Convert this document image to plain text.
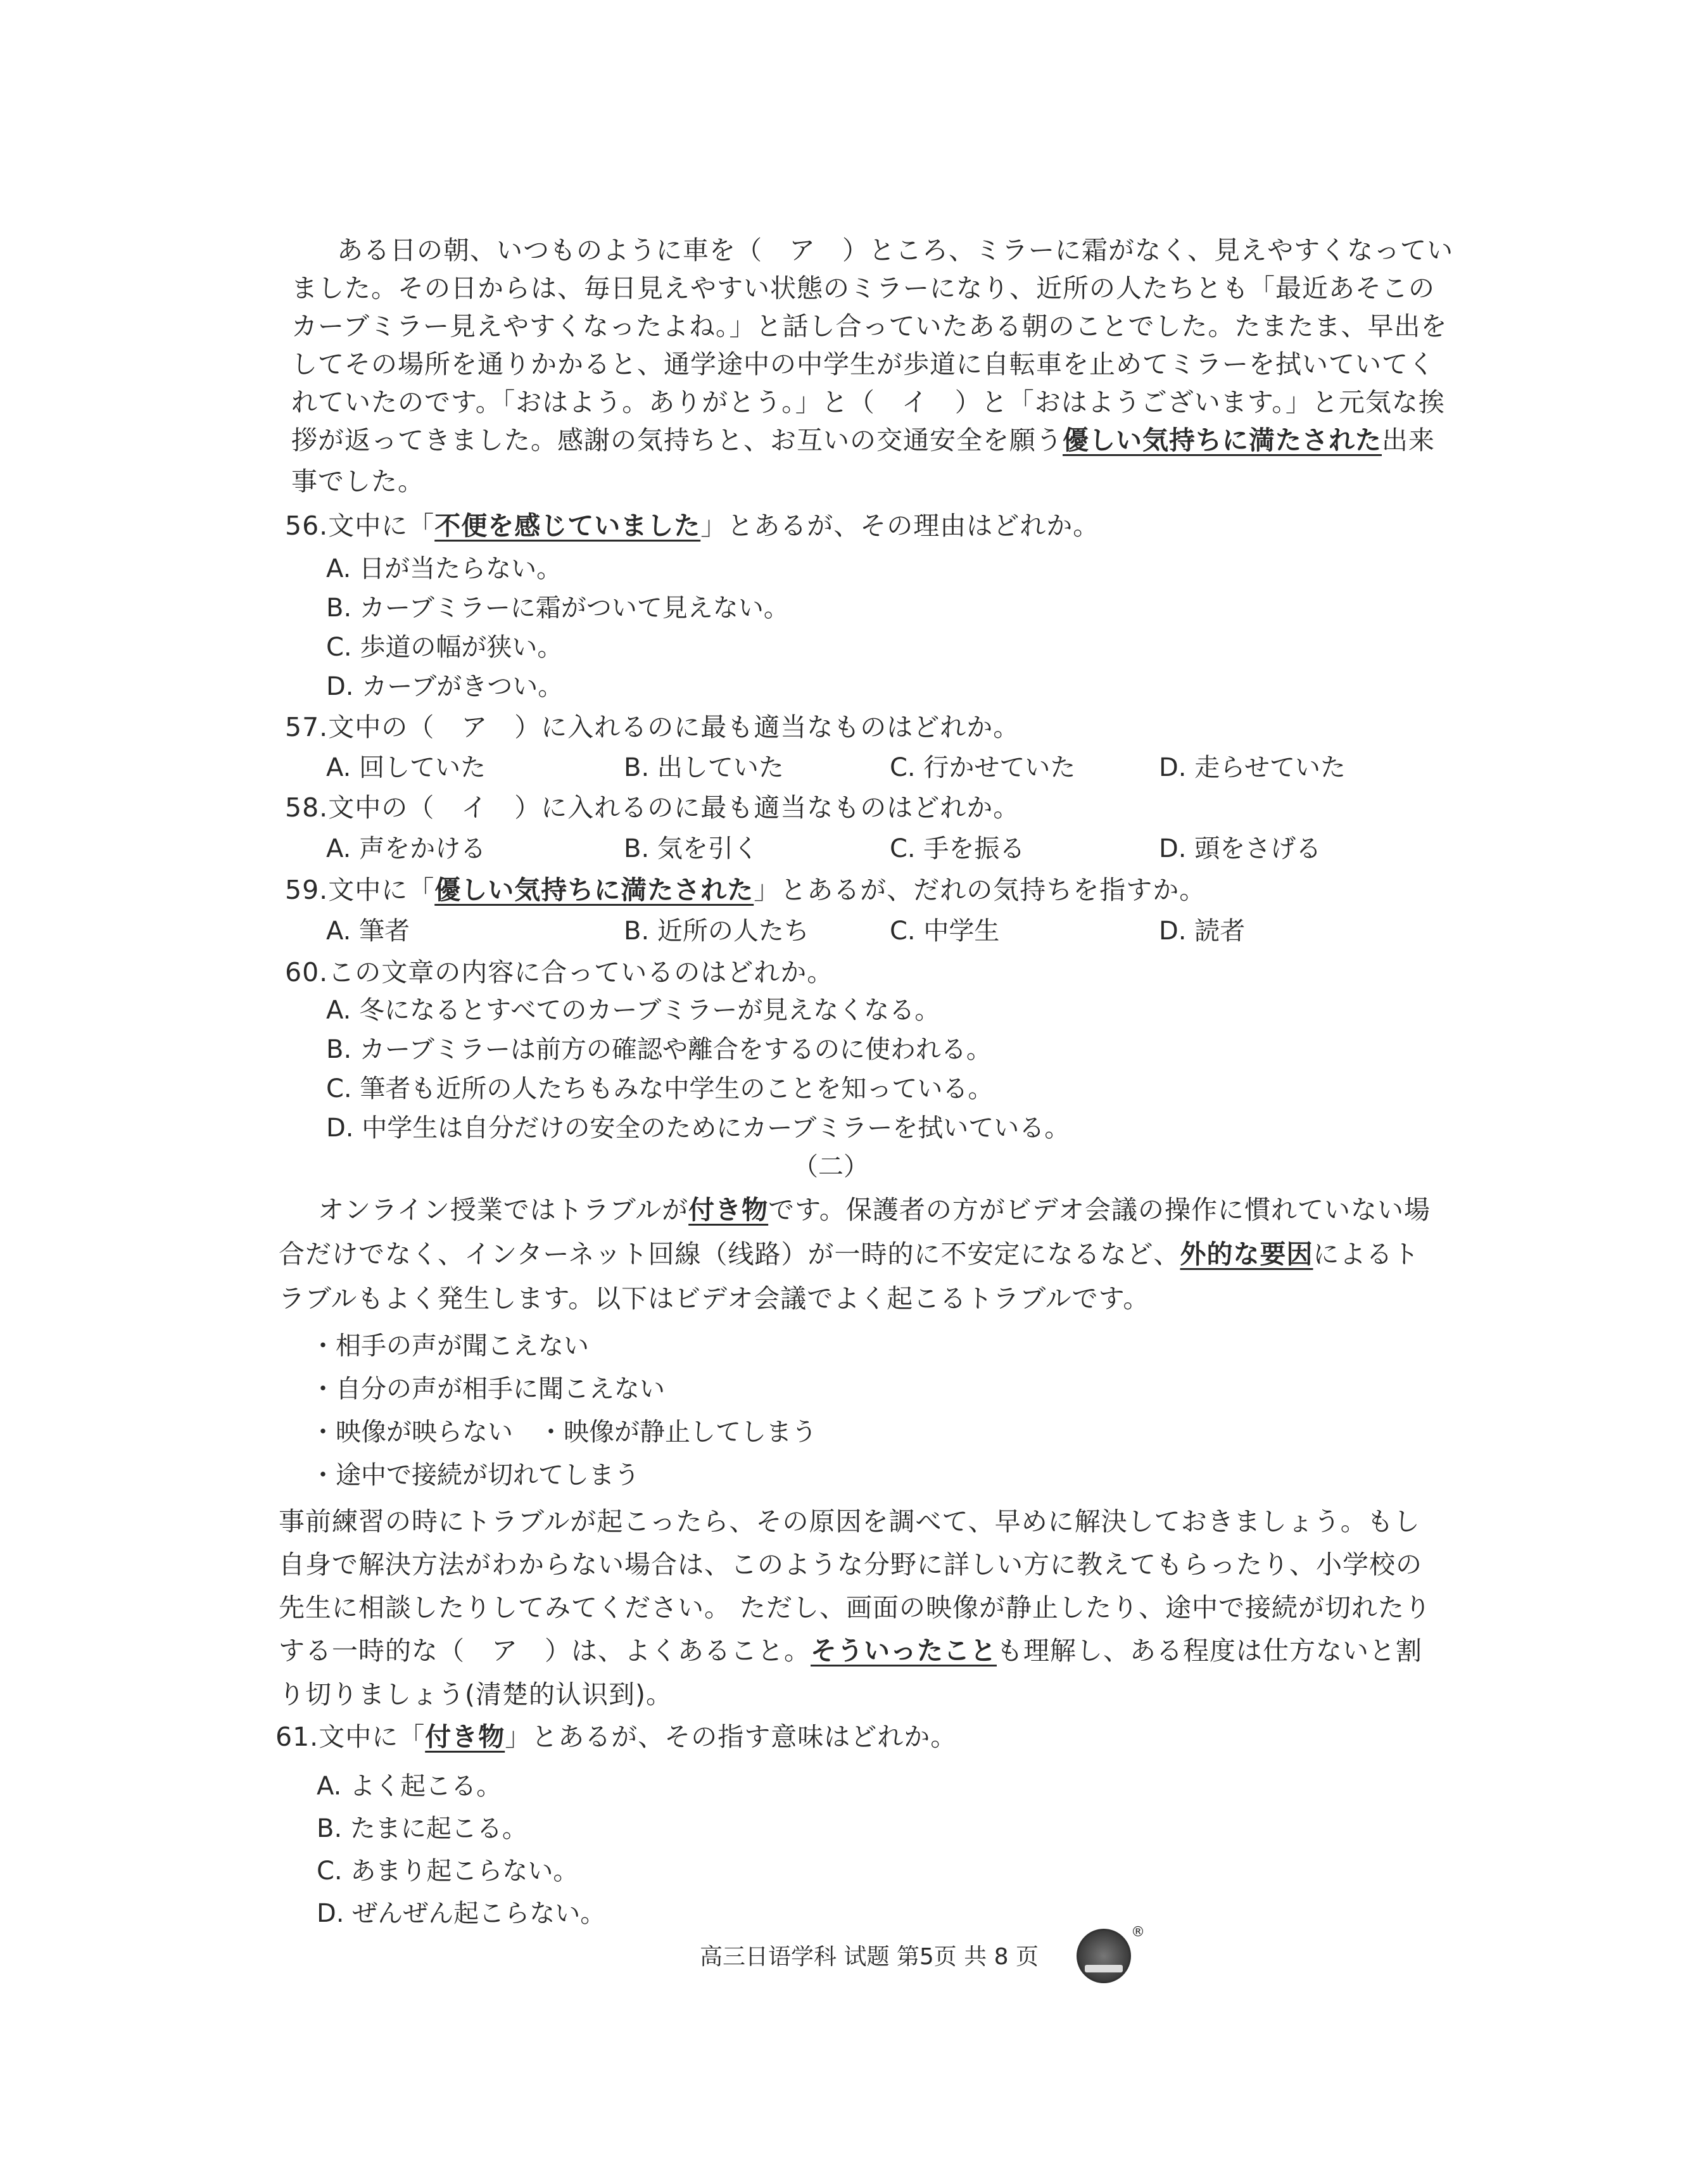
　ある日の朝、いつものように車を（　ア　）ところ、ミラーに霜がなく、見えやすくなってい
ました。その日からは、毎日見えやすい状態のミラーになり、近所の人たちとも「最近あそこの
カーブミラー見えやすくなったよね。」と話し合っていたある朝のことでした。たまたま、早出を
してその場所を通りかかると、通学途中の中学生が歩道に自転車を止めてミラーを拭いていてく
れていたのです。「おはよう。ありがとう。」と（　イ　）と「おはようございます。」と元気な挨
拶が返ってきました。感謝の気持ちと、お互いの交通安全を願う優しい気持ちに満たされた出来
事でした。
56.文中に「不便を感じていました」とあるが、その理由はどれか。
A. 日が当たらない。
B. カーブミラーに霜がついて見えない。
C. 歩道の幅が狭い。
D. カーブがきつい。
57.文中の（　ア　）に入れるのに最も適当なものはどれか。
A. 回していた	B. 出していた	C. 行かせていた	D. 走らせていた
58.文中の（　イ　）に入れるのに最も適当なものはどれか。
A. 声をかける	B. 気を引く	C. 手を振る	D. 頭をさげる
59.文中に「優しい気持ちに満たされた」とあるが、だれの気持ちを指すか。
A. 筆者	B. 近所の人たち	C. 中学生	D. 読者
60.この文章の内容に合っているのはどれか。
A. 冬になるとすべてのカーブミラーが見えなくなる。
B. カーブミラーは前方の確認や離合をするのに使われる。
C. 筆者も近所の人たちもみな中学生のことを知っている。
D. 中学生は自分だけの安全のためにカーブミラーを拭いている。
（二）
　オンライン授業ではトラブルが付き物です。保護者の方がビデオ会議の操作に慣れていない場
合だけでなく、インターネット回線（线路）が一時的に不安定になるなど、外的な要因によるト
ラブルもよく発生します。以下はビデオ会議でよく起こるトラブルです。
・相手の声が聞こえない
・自分の声が相手に聞こえない
・映像が映らない　・映像が静止してしまう
・途中で接続が切れてしまう
事前練習の時にトラブルが起こったら、その原因を調べて、早めに解決しておきましょう。もし
自身で解決方法がわからない場合は、このような分野に詳しい方に教えてもらったり、小学校の
先生に相談したりしてみてください。 ただし、画面の映像が静止したり、途中で接続が切れたり
する一時的な（　ア　）は、よくあること。そういったことも理解し、ある程度は仕方ないと割
り切りましょう(清楚的认识到)。
61.文中に「付き物」とあるが、その指す意味はどれか。
A. よく起こる。
B. たまに起こる。
C. あまり起こらない。
D. ぜんぜん起こらない。
高三日语学科 试题 第5页 共 8 页
®
